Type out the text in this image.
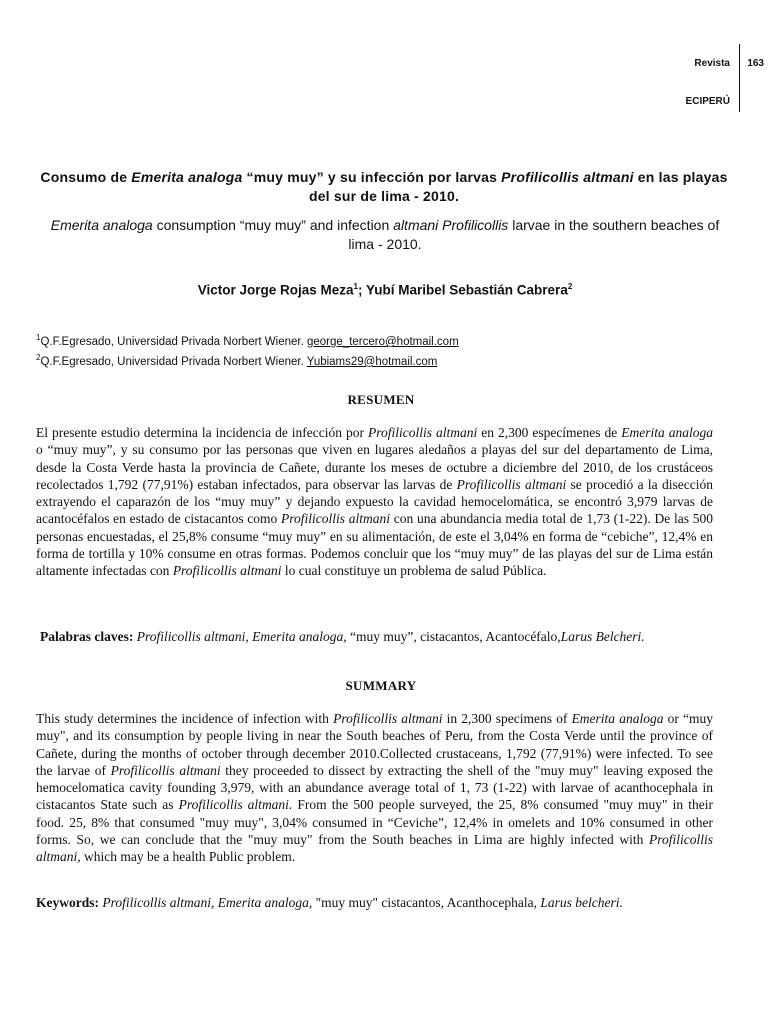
Revista 163
ECIPERÚ
Consumo de Emerita analoga “muy muy” y su infección por larvas Profilicollis altmani en las playas del sur de lima - 2010.
Emerita analoga consumption “muy muy” and infection altmani Profilicollis larvae in the southern beaches of lima - 2010.
Victor Jorge Rojas Meza$^1$; Yubí Maribel Sebastián Cabrera$^2$
$^1$Q.F.Egresado, Universidad Privada Norbert Wiener. george_tercero@hotmail.com
$^2$Q.F.Egresado, Universidad Privada Norbert Wiener. Yubiams29@hotmail.com
RESUMEN
El presente estudio determina la incidencia de infección por Profilicollis altmani en 2,300 especímenes de Emerita analoga o “muy muy”, y su consumo por las personas que viven en lugares aledaños a playas del sur del departamento de Lima, desde la Costa Verde hasta la provincia de Cañete, durante los meses de octubre a diciembre del 2010, de los crustáceos recolectados 1,792 (77,91%) estaban infectados, para observar las larvas de Profilicollis altmani se procedió a la disección extrayendo el caparazón de los “muy muy” y dejando expuesto la cavidad hemocelomática, se encontró 3,979 larvas de acantocéfalos en estado de cistacantos como Profilicollis altmani con una abundancia media total de 1,73 (1-22). De las 500 personas encuestadas, el 25,8% consume “muy muy” en su alimentación, de este el 3,04% en forma de “cebiche”, 12,4% en forma de tortilla y 10% consume en otras formas. Podemos concluir que los “muy muy” de las playas del sur de Lima están altamente infectadas con Profilicollis altmani lo cual constituye un problema de salud Pública.
Palabras claves: Profilicollis altmani, Emerita analoga, “muy muy”, cistacantos, Acantocéfalo,Larus Belcheri.
SUMMARY
This study determines the incidence of infection with Profilicollis altmani in 2,300 specimens of Emerita analoga or “muy muy", and its consumption by people living in near the South beaches of Peru, from the Costa Verde until the province of Cañete, during the months of october through december 2010.Collected crustaceans, 1,792 (77,91%) were infected. To see the larvae of Profilicollis altmani they proceeded to dissect by extracting the shell of the "muy muy" leaving exposed the hemocelomatica cavity founding 3,979, with an abundance average total of 1, 73 (1-22) with larvae of acanthocephala in cistacantos State such as Profilicollis altmani. From the 500 people surveyed, the 25, 8% consumed "muy muy" in their food. 25, 8% that consumed "muy muy", 3,04% consumed in “Ceviche”, 12,4% in omelets and 10% consumed in other forms. So, we can conclude that the "muy muy" from the South beaches in Lima are highly infected with Profilicollis altmani, which may be a health Public problem.
Keywords: Profilicollis altmani, Emerita analoga, "muy muy" cistacantos, Acanthocephala, Larus belcheri.
